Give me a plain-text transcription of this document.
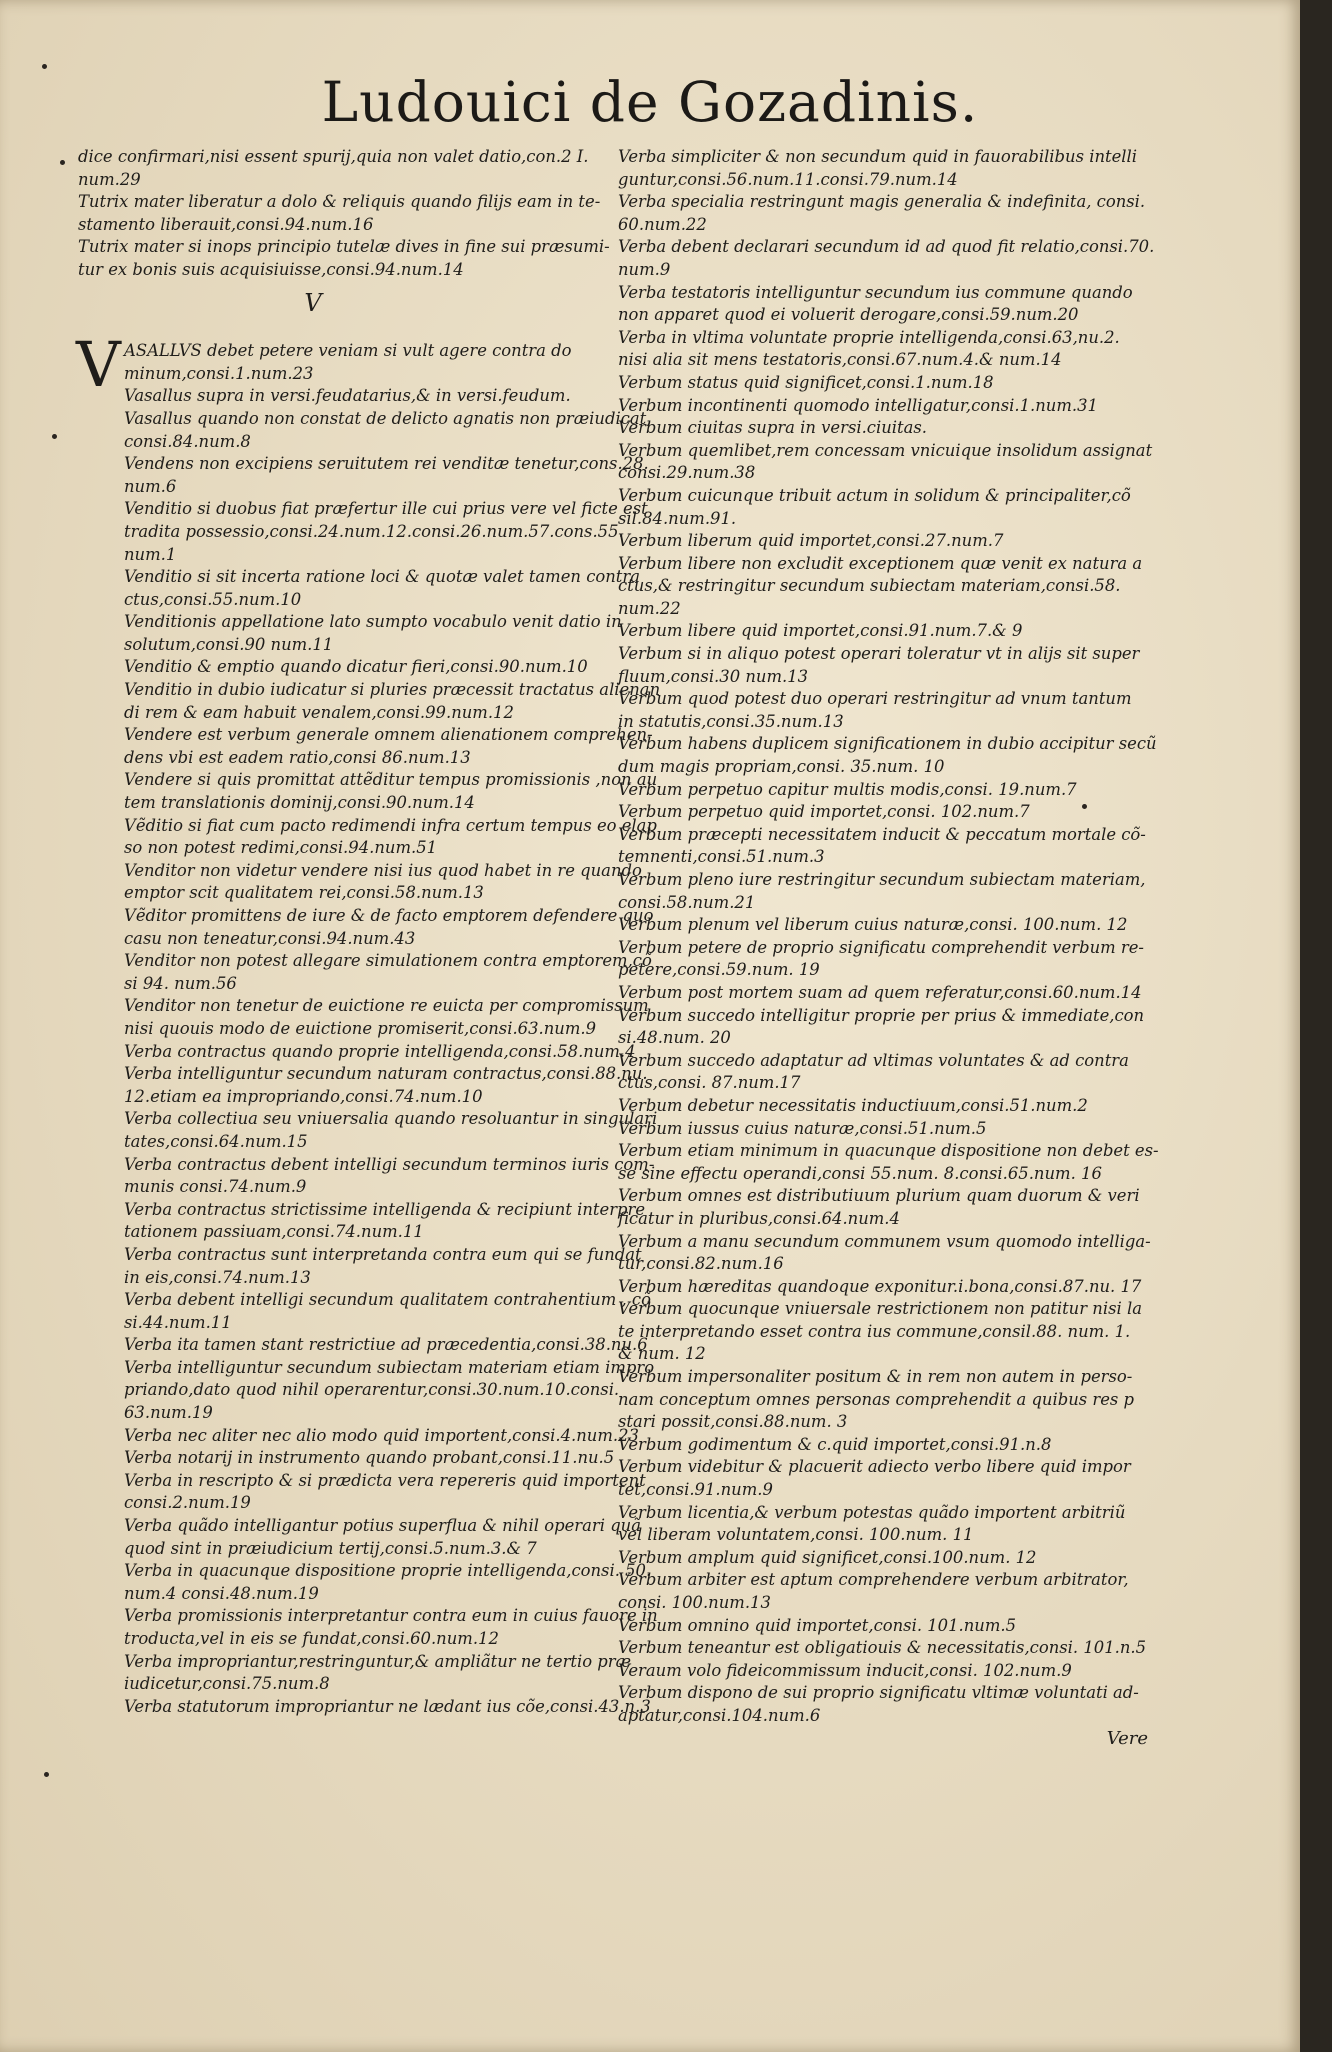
Ludouici de Gozadinis.
dice confirmari,nisi essent spurij,quia non valet datio,con.2 I.
num.29
Tutrix mater liberatur a dolo & reliquis quando filijs eam in te-
stamento liberauit,consi.94.num.16
Tutrix mater si inops principio tutelæ dives in fine sui præsumi-
tur ex bonis suis acquisiuisse,consi.94.num.14
V
V ASALLVS debet petere veniam si vult agere contra do
minum,consi.1.num.23
Vasallus supra in versi.feudatarius,& in versi.feudum.
Vasallus quando non constat de delicto agnatis non præiudicat,
consi.84.num.8
Vendens non excipiens seruitutem rei venditæ tenetur,cons.28.
num.6
Venditio si duobus fiat præfertur ille cui prius vere vel ficte est
tradita possessio,consi.24.num.12.consi.26.num.57.cons.55.
num.1
Venditio si sit incerta ratione loci & quotæ valet tamen contra
ctus,consi.55.num.10
Venditionis appellatione lato sumpto vocabulo venit datio in
solutum,consi.90 num.11
Venditio & emptio quando dicatur fieri,consi.90.num.10
Venditio in dubio iudicatur si pluries præcessit tractatus alienan
di rem & eam habuit venalem,consi.99.num.12
Vendere est verbum generale omnem alienationem comprehen-
dens vbi est eadem ratio,consi 86.num.13
Vendere si quis promittat attẽditur tempus promissionis ,non au
tem translationis dominij,consi.90.num.14
Vẽditio si fiat cum pacto redimendi infra certum tempus eo elap
so non potest redimi,consi.94.num.51
Venditor non videtur vendere nisi ius quod habet in re quando
emptor scit qualitatem rei,consi.58.num.13
Vẽditor promittens de iure & de facto emptorem defendere quo
casu non teneatur,consi.94.num.43
Venditor non potest allegare simulationem contra emptorem,cõ
si 94. num.56
Venditor non tenetur de euictione re euicta per compromissum
nisi quouis modo de euictione promiserit,consi.63.num.9
Verba contractus quando proprie intelligenda,consi.58.num.4
Verba intelliguntur secundum naturam contractus,consi.88.nu.
12.etiam ea impropriando,consi.74.num.10
Verba collectiua seu vniuersalia quando resoluantur in singulari
tates,consi.64.num.15
Verba contractus debent intelligi secundum terminos iuris com-
munis consi.74.num.9
Verba contractus strictissime intelligenda & recipiunt interpre
tationem passiuam,consi.74.num.11
Verba contractus sunt interpretanda contra eum qui se fundat
in eis,consi.74.num.13
Verba debent intelligi secundum qualitatem contrahentium , cõ
si.44.num.11
Verba ita tamen stant restrictiue ad præcedentia,consi.38.nu.6
Verba intelliguntur secundum subiectam materiam etiam impro
priando,dato quod nihil operarentur,consi.30.num.10.consi.
63.num.19
Verba nec aliter nec alio modo quid importent,consi.4.num.23
Verba notarij in instrumento quando probant,consi.11.nu.5
Verba in rescripto & si prædicta vera repereris quid importent
consi.2.num.19
Verba quãdo intelligantur potius superflua & nihil operari quã
quod sint in præiudicium tertij,consi.5.num.3.& 7
Verba in quacunque dispositione proprie intelligenda,consi. 50.
num.4 consi.48.num.19
Verba promissionis interpretantur contra eum in cuius fauore in
troducta,vel in eis se fundat,consi.60.num.12
Verba impropriantur,restringuntur,& ampliãtur ne tertio præ
iudicetur,consi.75.num.8
Verba statutorum impropriantur ne lædant ius cõe,consi.43.n.3
Verba simpliciter & non secundum quid in fauorabilibus intelli
guntur,consi.56.num.11.consi.79.num.14
Verba specialia restringunt magis generalia & indefinita, consi.
60.num.22
Verba debent declarari secundum id ad quod fit relatio,consi.70.
num.9
Verba testatoris intelliguntur secundum ius commune quando
non apparet quod ei voluerit derogare,consi.59.num.20
Verba in vltima voluntate proprie intelligenda,consi.63,nu.2.
nisi alia sit mens testatoris,consi.67.num.4.& num.14
Verbum status quid significet,consi.1.num.18
Verbum incontinenti quomodo intelligatur,consi.1.num.31
Verbum ciuitas supra in versi.ciuitas.
Verbum quemlibet,rem concessam vnicuique insolidum assignat
consi.29.num.38
Verbum cuicunque tribuit actum in solidum & principaliter,cõ
sil.84.num.91.
Verbum liberum quid importet,consi.27.num.7
Verbum libere non excludit exceptionem quæ venit ex natura a
ctus,& restringitur secundum subiectam materiam,consi.58.
num.22
Verbum libere quid importet,consi.91.num.7.& 9
Verbum si in aliquo potest operari toleratur vt in alijs sit super
fluum,consi.30 num.13
Verbum quod potest duo operari restringitur ad vnum tantum
in statutis,consi.35.num.13
Verbum habens duplicem significationem in dubio accipitur secũ
dum magis propriam,consi. 35.num. 10
Verbum perpetuo capitur multis modis,consi. 19.num.7
Verbum perpetuo quid importet,consi. 102.num.7
Verbum præcepti necessitatem inducit & peccatum mortale cõ-
temnenti,consi.51.num.3
Verbum pleno iure restringitur secundum subiectam materiam,
consi.58.num.21
Verbum plenum vel liberum cuius naturæ,consi. 100.num. 12
Verbum petere de proprio significatu comprehendit verbum re-
petere,consi.59.num. 19
Verbum post mortem suam ad quem referatur,consi.60.num.14
Verbum succedo intelligitur proprie per prius & immediate,con
si.48.num. 20
Verbum succedo adaptatur ad vltimas voluntates & ad contra
ctus,consi. 87.num.17
Verbum debetur necessitatis inductiuum,consi.51.num.2
Verbum iussus cuius naturæ,consi.51.num.5
Verbum etiam minimum in quacunque dispositione non debet es-
se sine effectu operandi,consi 55.num. 8.consi.65.num. 16
Verbum omnes est distributiuum plurium quam duorum & veri
ficatur in pluribus,consi.64.num.4
Verbum a manu secundum communem vsum quomodo intelliga-
tur,consi.82.num.16
Verbum hæreditas quandoque exponitur.i.bona,consi.87.nu. 17
Verbum quocunque vniuersale restrictionem non patitur nisi la
te interpretando esset contra ius commune,consil.88. num. 1.
& num. 12
Verbum impersonaliter positum & in rem non autem in perso-
nam conceptum omnes personas comprehendit a quibus res p
stari possit,consi.88.num. 3
Verbum godimentum & c.quid importet,consi.91.n.8
Verbum videbitur & placuerit adiecto verbo libere quid impor
tet,consi.91.num.9
Verbum licentia,& verbum potestas quãdo importent arbitriũ
vel liberam voluntatem,consi. 100.num. 11
Verbum amplum quid significet,consi.100.num. 12
Verbum arbiter est aptum comprehendere verbum arbitrator,
consi. 100.num.13
Verbum omnino quid importet,consi. 101.num.5
Verbum teneantur est obligatiouis & necessitatis,consi. 101.n.5
Veraum volo fideicommissum inducit,consi. 102.num.9
Verbum dispono de sui proprio significatu vltimæ voluntati ad-
aptatur,consi.104.num.6
Vere
